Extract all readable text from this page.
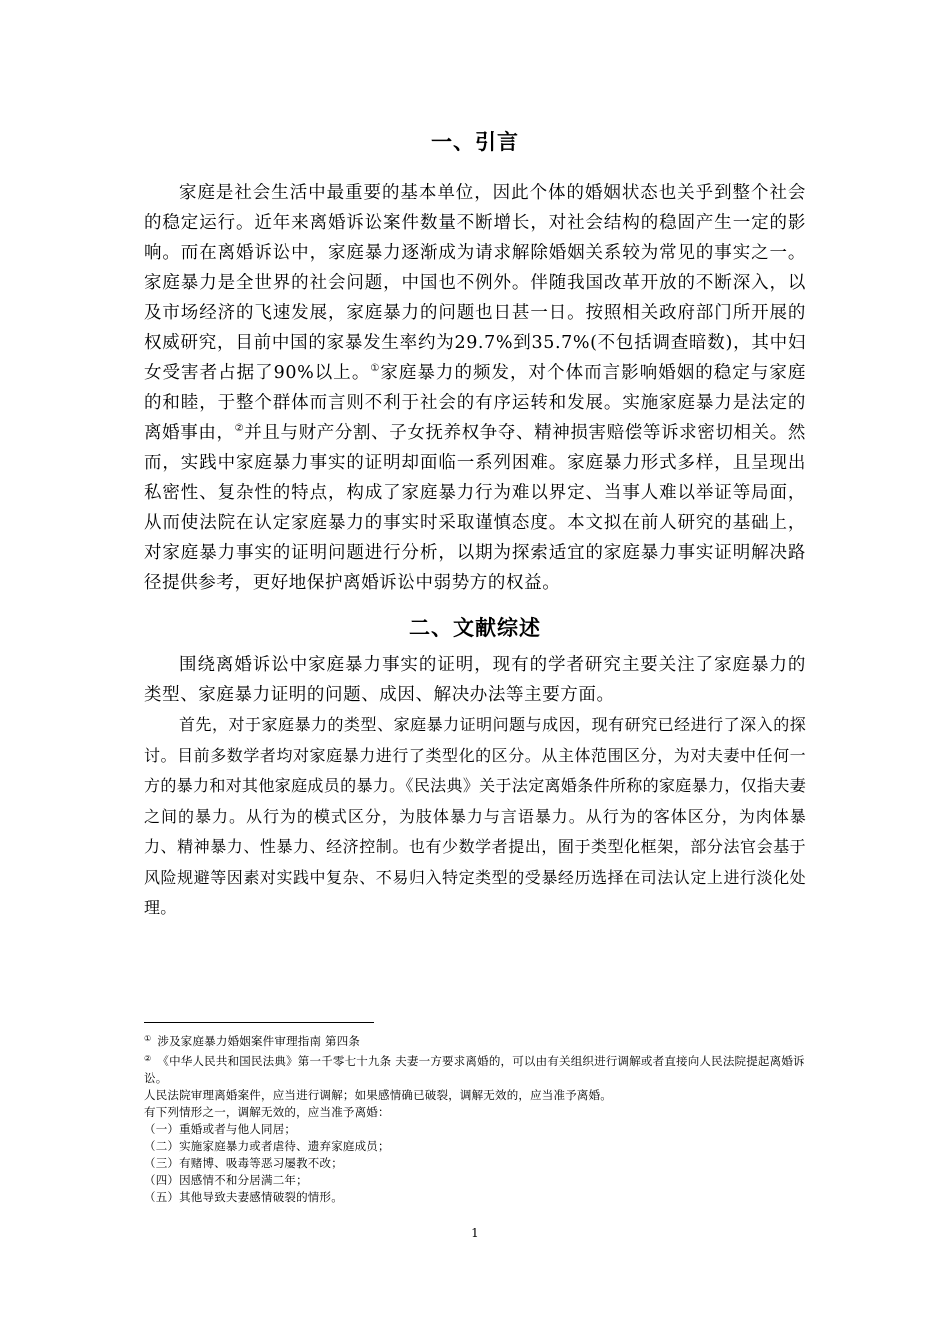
一、引言

家庭是社会生活中最重要的基本单位，因此个体的婚姻状态也关乎到整个社会的稳定运行。近年来离婚诉讼案件数量不断增长，对社会结构的稳固产生一定的影响。而在离婚诉讼中，家庭暴力逐渐成为请求解除婚姻关系较为常见的事实之一。家庭暴力是全世界的社会问题，中国也不例外。伴随我国改革开放的不断深入，以及市场经济的飞速发展，家庭暴力的问题也日甚一日。按照相关政府部门所开展的权威研究，目前中国的家暴发生率约为29.7%到35.7%(不包括调查暗数)，其中妇女受害者占据了90%以上。①家庭暴力的频发，对个体而言影响婚姻的稳定与家庭的和睦，于整个群体而言则不利于社会的有序运转和发展。实施家庭暴力是法定的离婚事由，②并且与财产分割、子女抚养权争夺、精神损害赔偿等诉求密切相关。然而，实践中家庭暴力事实的证明却面临一系列困难。家庭暴力形式多样，且呈现出私密性、复杂性的特点，构成了家庭暴力行为难以界定、当事人难以举证等局面，从而使法院在认定家庭暴力的事实时采取谨慎态度。本文拟在前人研究的基础上，对家庭暴力事实的证明问题进行分析，以期为探索适宜的家庭暴力事实证明解决路径提供参考，更好地保护离婚诉讼中弱势方的权益。

二、文献综述

围绕离婚诉讼中家庭暴力事实的证明，现有的学者研究主要关注了家庭暴力的类型、家庭暴力证明的问题、成因、解决办法等主要方面。

首先，对于家庭暴力的类型、家庭暴力证明问题与成因，现有研究已经进行了深入的探讨。目前多数学者均对家庭暴力进行了类型化的区分。从主体范围区分，为对夫妻中任何一方的暴力和对其他家庭成员的暴力。《民法典》关于法定离婚条件所称的家庭暴力，仅指夫妻之间的暴力。从行为的模式区分，为肢体暴力与言语暴力。从行为的客体区分，为肉体暴力、精神暴力、性暴力、经济控制。也有少数学者提出，囿于类型化框架，部分法官会基于风险规避等因素对实践中复杂、不易归入特定类型的受暴经历选择在司法认定上进行淡化处理。

① 涉及家庭暴力婚姻案件审理指南 第四条

② 《中华人民共和国民法典》第一千零七十九条 夫妻一方要求离婚的，可以由有关组织进行调解或者直接向人民法院提起离婚诉讼。

人民法院审理离婚案件，应当进行调解；如果感情确已破裂，调解无效的，应当准予离婚。

有下列情形之一，调解无效的，应当准予离婚：

（一）重婚或者与他人同居；

（二）实施家庭暴力或者虐待、遗弃家庭成员；

（三）有赌博、吸毒等恶习屡教不改；

（四）因感情不和分居满二年；

（五）其他导致夫妻感情破裂的情形。

1
